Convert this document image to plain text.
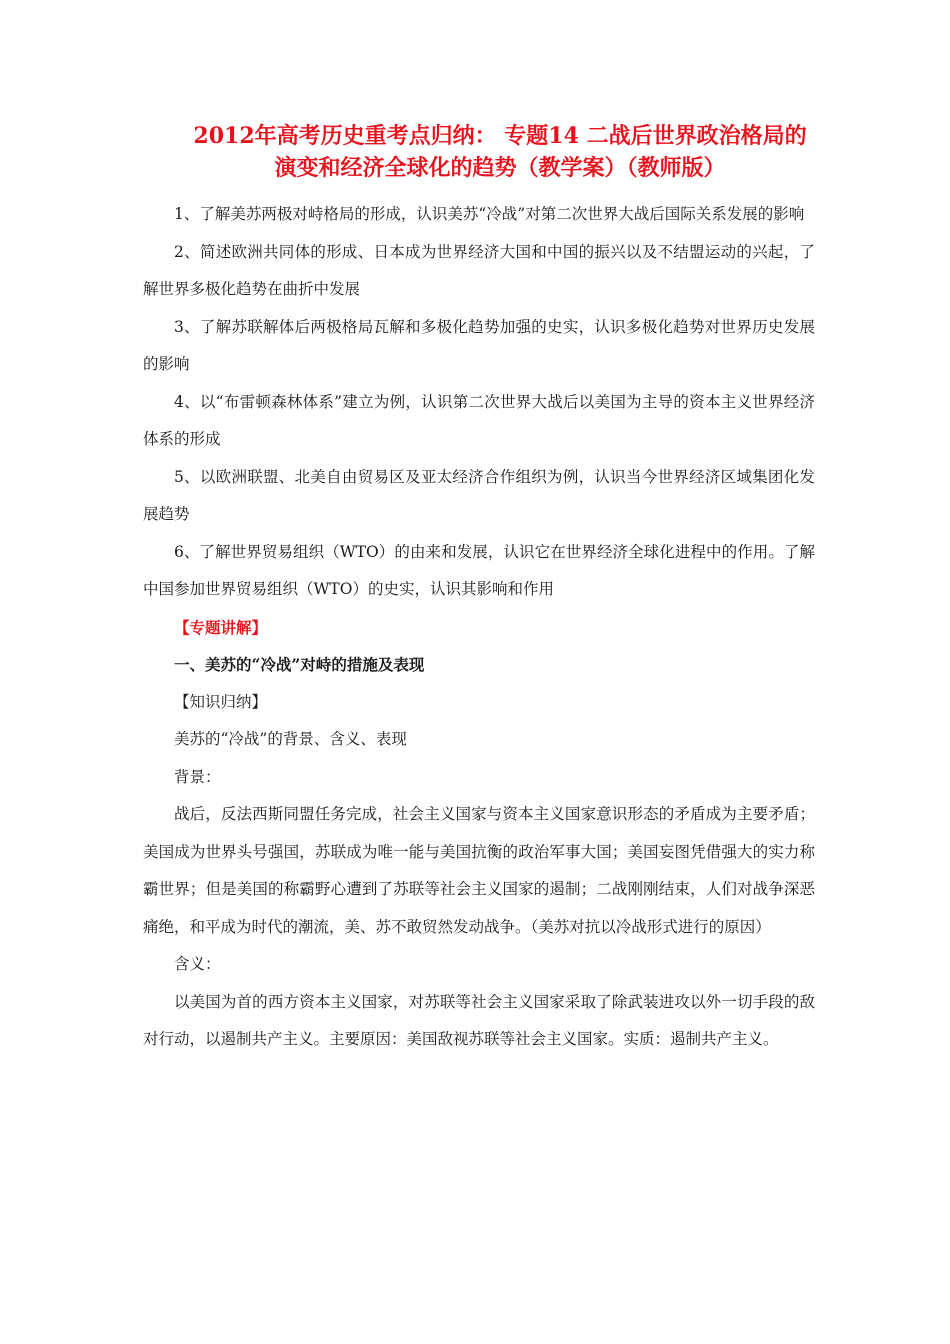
2012年高考历史重考点归纳： 专题14 二战后世界政治格局的
演变和经济全球化的趋势（教学案）（教师版）

1、了解美苏两极对峙格局的形成，认识美苏“冷战”对第二次世界大战后国际关系发展的影响

2、简述欧洲共同体的形成、日本成为世界经济大国和中国的振兴以及不结盟运动的兴起，了解世界多极化趋势在曲折中发展

3、了解苏联解体后两极格局瓦解和多极化趋势加强的史实，认识多极化趋势对世界历史发展的影响

4、以“布雷顿森林体系”建立为例，认识第二次世界大战后以美国为主导的资本主义世界经济体系的形成

5、以欧洲联盟、北美自由贸易区及亚太经济合作组织为例，认识当今世界经济区域集团化发展趋势

6、了解世界贸易组织（WTO）的由来和发展，认识它在世界经济全球化进程中的作用。了解中国参加世界贸易组织（WTO）的史实，认识其影响和作用

【专题讲解】

一、美苏的“冷战”对峙的措施及表现

【知识归纳】

美苏的“冷战”的背景、含义、表现

背景：

战后，反法西斯同盟任务完成，社会主义国家与资本主义国家意识形态的矛盾成为主要矛盾；美国成为世界头号强国，苏联成为唯一能与美国抗衡的政治军事大国；美国妄图凭借强大的实力称霸世界；但是美国的称霸野心遭到了苏联等社会主义国家的遏制；二战刚刚结束，人们对战争深恶痛绝，和平成为时代的潮流，美、苏不敢贸然发动战争。（美苏对抗以冷战形式进行的原因）

含义：

以美国为首的西方资本主义国家，对苏联等社会主义国家采取了除武装进攻以外一切手段的敌对行动，以遏制共产主义。主要原因：美国敌视苏联等社会主义国家。实质：遏制共产主义。
